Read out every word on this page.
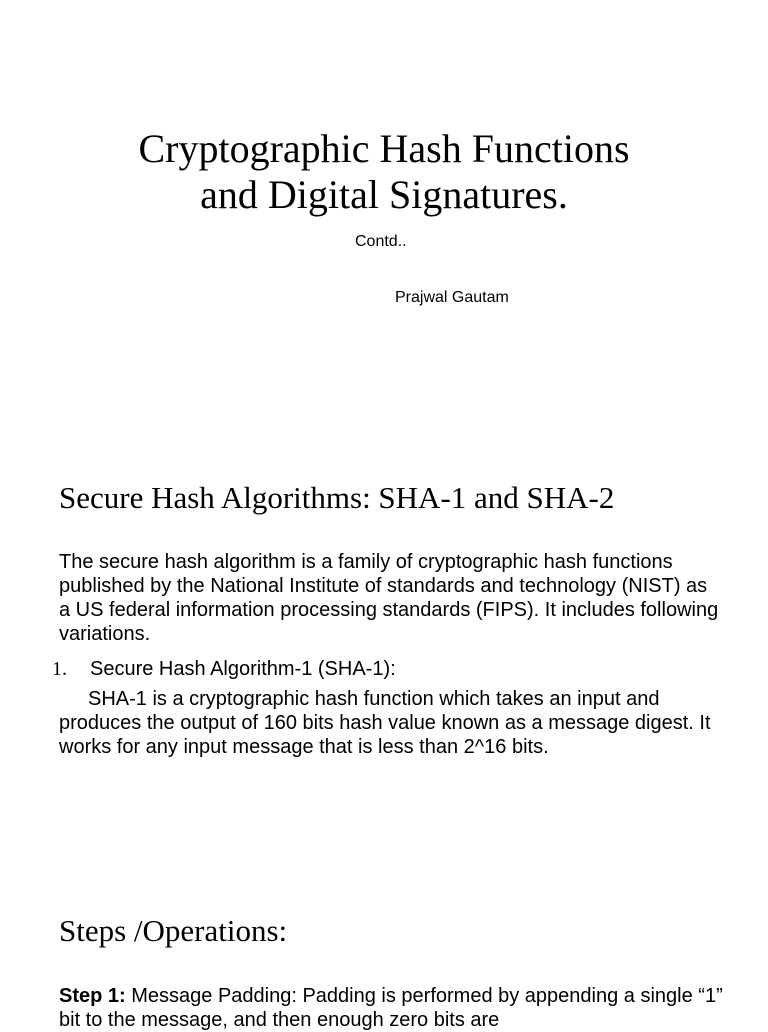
Cryptographic Hash Functions
and Digital Signatures.

Contd..

Prajwal Gautam

Secure Hash Algorithms: SHA-1 and SHA-2

The secure hash algorithm is a family of cryptographic hash functions published by the National Institute of standards and technology (NIST) as a US federal information processing standards (FIPS). It includes following variations.

1. Secure Hash Algorithm-1 (SHA-1):

SHA-1 is a cryptographic hash function which takes an input and produces the output of 160 bits hash value known as a message digest. It works for any input message that is less than 2^16 bits.

Steps /Operations:

Step 1: Message Padding: Padding is performed by appending a single “1” bit to the message, and then enough zero bits are
